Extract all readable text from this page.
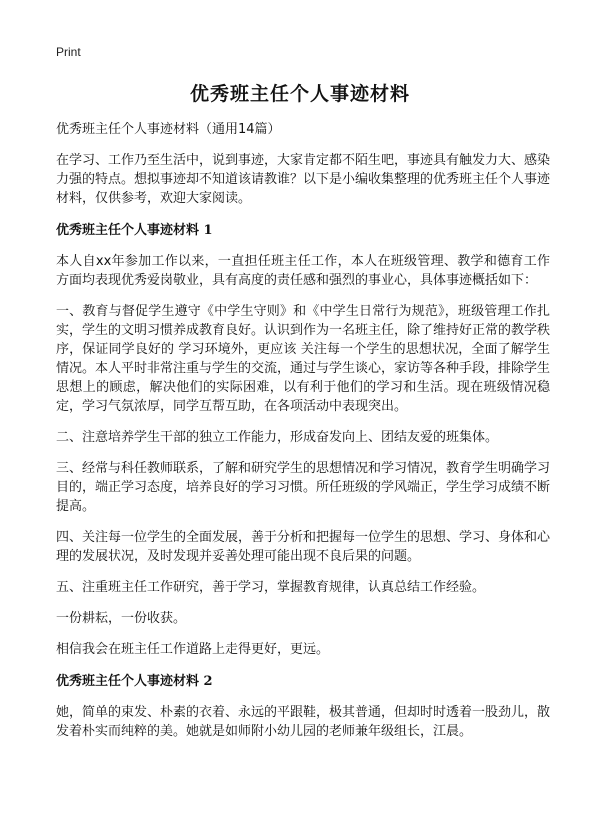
Print
优秀班主任个人事迹材料
优秀班主任个人事迹材料（通用14篇）

在学习、工作乃至生活中，说到事迹，大家肯定都不陌生吧，事迹具有触发力大、感染力强的特点。想拟事迹却不知道该请教谁？以下是小编收集整理的优秀班主任个人事迹材料，仅供参考，欢迎大家阅读。

优秀班主任个人事迹材料 1

本人自xx年参加工作以来，一直担任班主任工作，本人在班级管理、教学和德育工作方面均表现优秀爱岗敬业，具有高度的责任感和强烈的事业心，具体事迹概括如下：

一、教育与督促学生遵守《中学生守则》和《中学生日常行为规范》，班级管理工作扎实，学生的文明习惯养成教育良好。认识到作为一名班主任，除了维持好正常的教学秩序，保证同学良好的 学习环境外，更应该 关注每一个学生的思想状况，全面了解学生情况。本人平时非常注重与学生的交流，通过与学生谈心，家访等各种手段，排除学生思想上的顾虑，解决他们的实际困难，以有利于他们的学习和生活。现在班级情况稳定，学习气氛浓厚，同学互帮互助，在各项活动中表现突出。

二、注意培养学生干部的独立工作能力，形成奋发向上、团结友爱的班集体。

三、经常与科任教师联系，了解和研究学生的思想情况和学习情况，教育学生明确学习目的，端正学习态度，培养良好的学习习惯。所任班级的学风端正，学生学习成绩不断提高。

四、关注每一位学生的全面发展，善于分析和把握每一位学生的思想、学习、身体和心理的发展状况，及时发现并妥善处理可能出现不良后果的问题。

五、注重班主任工作研究，善于学习，掌握教育规律，认真总结工作经验。

一份耕耘，一份收获。

相信我会在班主任工作道路上走得更好，更远。

优秀班主任个人事迹材料 2

她，简单的束发、朴素的衣着、永远的平跟鞋，极其普通，但却时时透着一股劲儿，散发着朴实而纯粹的美。她就是如师附小幼儿园的老师兼年级组长，江晨。
